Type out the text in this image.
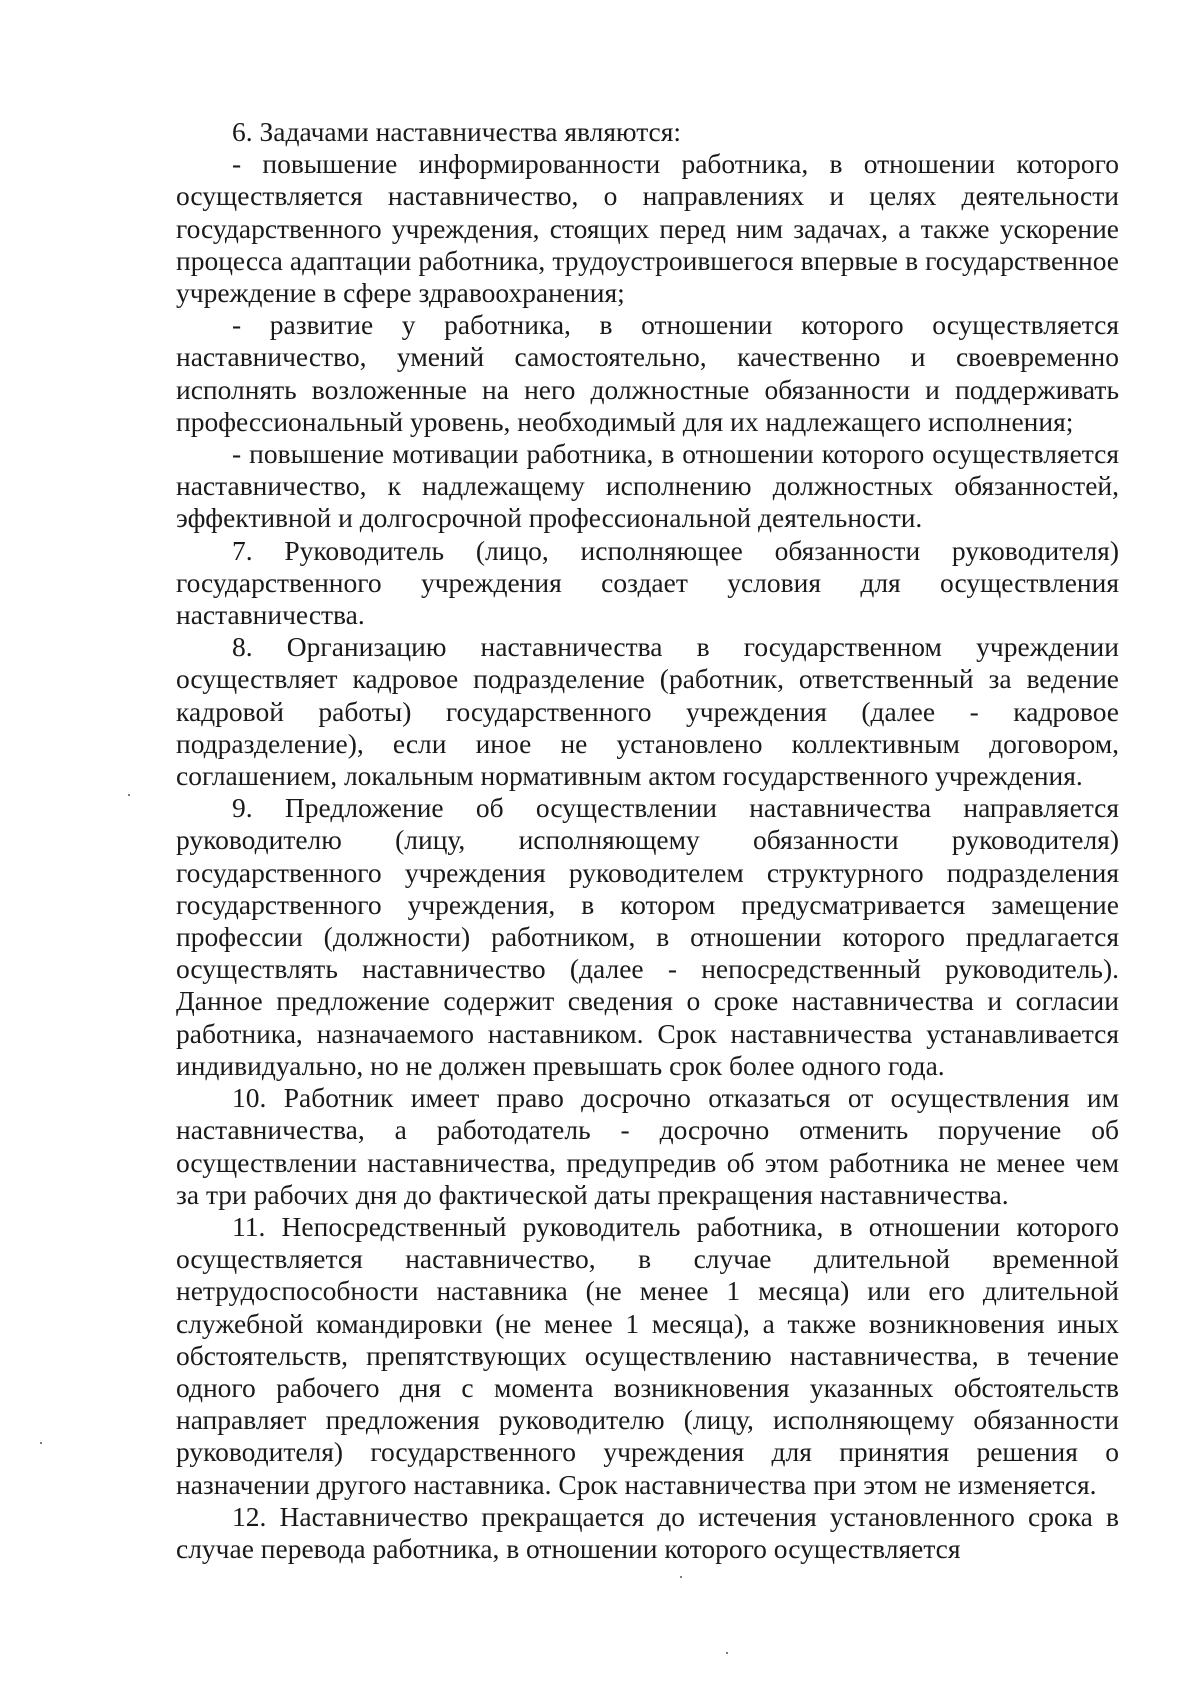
6. Задачами наставничества являются:

- повышение информированности работника, в отношении которого осуществляется наставничество, о направлениях и целях деятельности государственного учреждения, стоящих перед ним задачах, а также ускорение процесса адаптации работника, трудоустроившегося впервые в государственное учреждение в сфере здравоохранения;

- развитие у работника, в отношении которого осуществляется наставничество, умений самостоятельно, качественно и своевременно исполнять возложенные на него должностные обязанности и поддерживать профессиональный уровень, необходимый для их надлежащего исполнения;

- повышение мотивации работника, в отношении которого осуществляется наставничество, к надлежащему исполнению должностных обязанностей, эффективной и долгосрочной профессиональной деятельности.

7. Руководитель (лицо, исполняющее обязанности руководителя) государственного учреждения создает условия для осуществления наставничества.

8. Организацию наставничества в государственном учреждении осуществляет кадровое подразделение (работник, ответственный за ведение кадровой работы) государственного учреждения (далее - кадровое подразделение), если иное не установлено коллективным договором, соглашением, локальным нормативным актом государственного учреждения.

9. Предложение об осуществлении наставничества направляется руководителю (лицу, исполняющему обязанности руководителя) государственного учреждения руководителем структурного подразделения государственного учреждения, в котором предусматривается замещение профессии (должности) работником, в отношении которого предлагается осуществлять наставничество (далее - непосредственный руководитель). Данное предложение содержит сведения о сроке наставничества и согласии работника, назначаемого наставником. Срок наставничества устанавливается индивидуально, но не должен превышать срок более одного года.

10. Работник имеет право досрочно отказаться от осуществления им наставничества, а работодатель - досрочно отменить поручение об осуществлении наставничества, предупредив об этом работника не менее чем за три рабочих дня до фактической даты прекращения наставничества.

11. Непосредственный руководитель работника, в отношении которого осуществляется наставничество, в случае длительной временной нетрудоспособности наставника (не менее 1 месяца) или его длительной служебной командировки (не менее 1 месяца), а также возникновения иных обстоятельств, препятствующих осуществлению наставничества, в течение одного рабочего дня с момента возникновения указанных обстоятельств направляет предложения руководителю (лицу, исполняющему обязанности руководителя) государственного учреждения для принятия решения о назначении другого наставника. Срок наставничества при этом не изменяется.

12. Наставничество прекращается до истечения установленного срока в случае перевода работника, в отношении которого осуществляется
